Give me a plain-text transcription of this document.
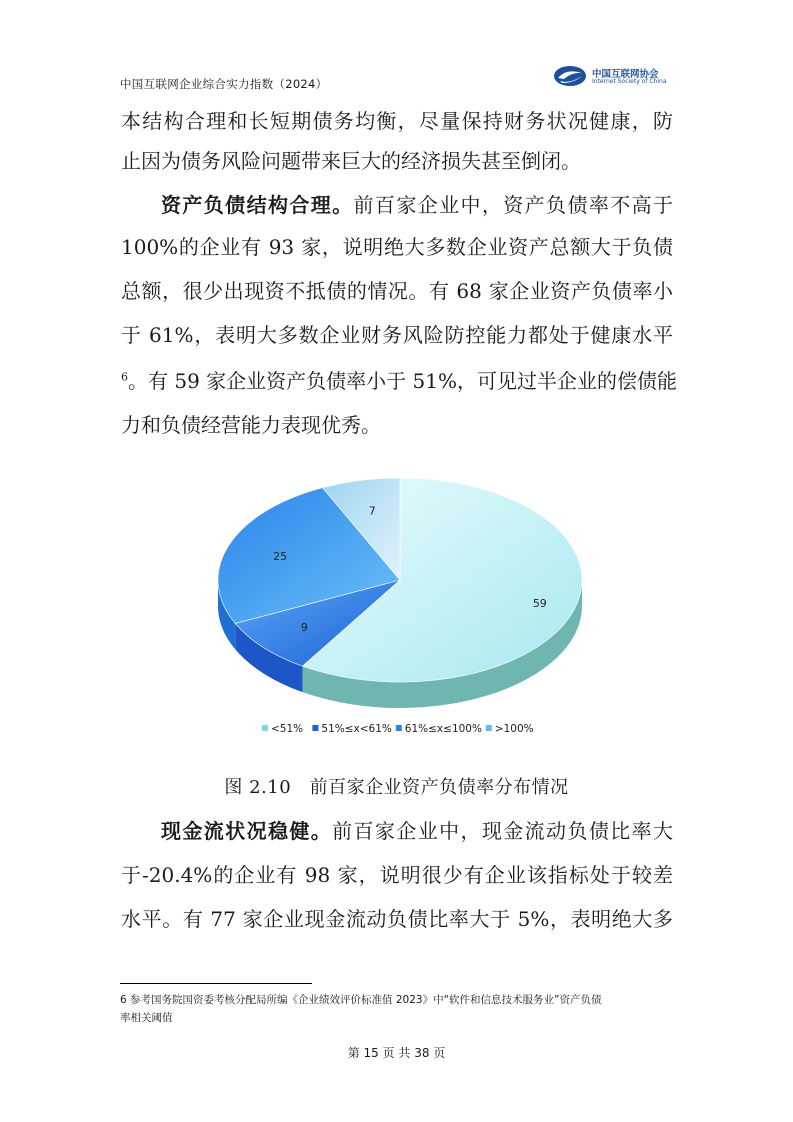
中国互联网企业综合实力指数（2024）
中国互联网协会
Internet Society of China
本结构合理和长短期债务均衡，尽量保持财务状况健康，防
止因为债务风险问题带来巨大的经济损失甚至倒闭。
资产负债结构合理。前百家企业中，资产负债率不高于
100%的企业有 93 家，说明绝大多数企业资产总额大于负债
总额，很少出现资不抵债的情况。有 68 家企业资产负债率小
于 61%，表明大多数企业财务风险防控能力都处于健康水平
$^6$。有 59 家企业资产负债率小于 51%，可见过半企业的偿债能
力和负债经营能力表现优秀。
59
9
25
7
<51% 51%≤x<61% 61%≤x≤100% >100%
图 2.10　前百家企业资产负债率分布情况
现金流状况稳健。前百家企业中，现金流动负债比率大
于-20.4%的企业有 98 家，说明很少有企业该指标处于较差
水平。有 77 家企业现金流动负债比率大于 5%，表明绝大多
6 参考国务院国资委考核分配局所编《企业绩效评价标准值 2023》中“软件和信息技术服务业”资产负债
率相关阈值
第 15 页 共 38 页
